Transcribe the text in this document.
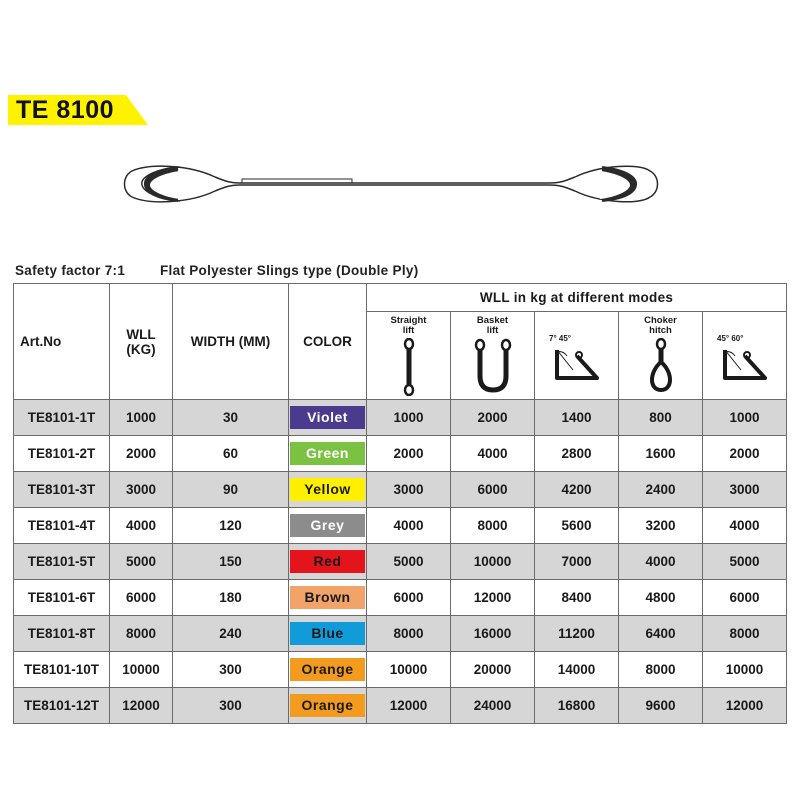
TE 8100
Safety factor 7:1	Flat Polyester Slings type (Double Ply)
Art.No	WLL (KG)	WIDTH (MM)	COLOR	WLL in kg at different modes				

				Straight lift	Basket lift	7° 45°	Choker hitch	45° 60°

TE8101-1T	1000	30	Violet	1000	2000	1400	800	1000
TE8101-2T	2000	60	Green	2000	4000	2800	1600	2000
TE8101-3T	3000	90	Yellow	3000	6000	4200	2400	3000
TE8101-4T	4000	120	Grey	4000	8000	5600	3200	4000
TE8101-5T	5000	150	Red	5000	10000	7000	4000	5000
TE8101-6T	6000	180	Brown	6000	12000	8400	4800	6000
TE8101-8T	8000	240	Blue	8000	16000	11200	6400	8000
TE8101-10T	10000	300	Orange	10000	20000	14000	8000	10000
TE8101-12T	12000	300	Orange	12000	24000	16800	9600	12000
